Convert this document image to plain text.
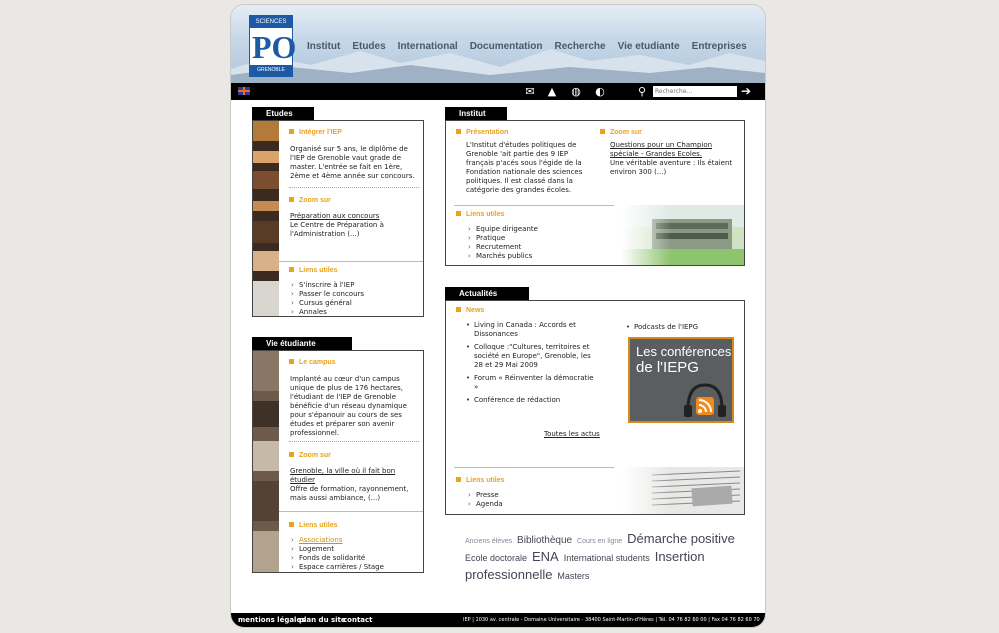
SCIENCES
PO
GRENOBLE
Institut Etudes International Documentation Recherche Vie etudiante Entreprises
✉ ▲ ◍ ◐	⚲
Recherche...	➔
Etudes
Intégrer l'IEP
Organisé sur 5 ans, le diplôme de l'IEP de Grenoble vaut grade de master. L'entrée se fait en 1ère, 2ème et 4ème année sur concours.
Zoom sur
Préparation aux concours
Le Centre de Préparation à l'Administration (...)
Liens utiles
› S'inscrire à l'IEP
› Passer le concours
› Cursus général
› Annales
Vie étudiante
Le campus
Implanté au cœur d'un campus unique de plus de 176 hectares, l'étudiant de l'IEP de Grenoble bénéficie d'un réseau dynamique pour s'épanouir au cours de ses études et préparer son avenir professionnel.
Zoom sur
Grenoble, la ville où il fait bon étudier
Offre de formation, rayonnement, mais aussi ambiance, (...)
Liens utiles
› Associations
› Logement
› Fonds de solidarité
› Espace carrières / Stage
Institut
Présentation
L'Institut d'études politiques de Grenoble 'ait partie des 9 IEP français p'acés sous l'égide de la Fondation nationale des sciences politiques. Il est classé dans la catégorie des grandes écoles.
Zoom sur
Questions pour un Champion spéciale - Grandes Ecoles.
Une véritable aventure : Ils étaient environ 300 (...)
Liens utiles
› Equipe dirigeante
› Pratique
› Recrutement
› Marchés publics
Actualités
News
• Living in Canada : Accords et Dissonances
• Colloque :"Cultures, territoires et société en Europe", Grenoble, les 28 et 29 Mai 2009
• Forum « Réinventer la démocratie »
• Conférence de rédaction
Toutes les actus
• Podcasts de l'IEPG
Les conférences
de l'IEPG
Liens utiles
› Presse
› Agenda
Anciens élèves Bibliothèque Cours en ligne Démarche positive Ecole doctorale ENA International students Insertion professionnelle Masters
mentions légales
plan du site
contact	IEP | 1030 av. centrale - Domaine Universitaire - 38400 Saint-Martin-d'Hères | Tél. 04 76 82 60 00 | Fax 04 76 82 60 70
